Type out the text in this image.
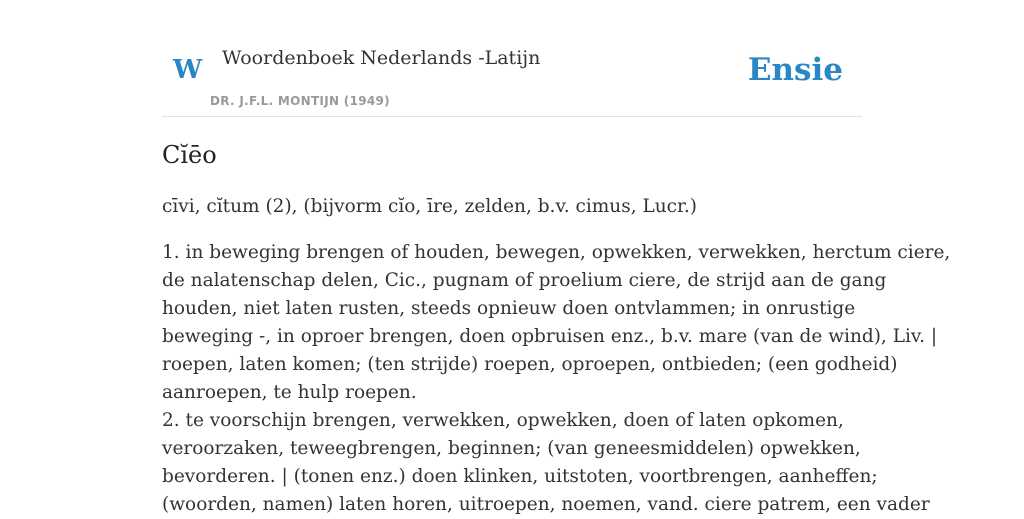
W Woordenboek Nederlands -Latijn
DR. J.F.L. MONTIJN (1949)
Ensie
Cĭēo
cīvi, cĭtum (2), (bijvorm cĭo, īre, zelden, b.v. cimus, Lucr.)
1. in beweging brengen of houden, bewegen, opwekken, verwekken, herctum ciere,
de nalatenschap delen, Cic., pugnam of proelium ciere, de strijd aan de gang
houden, niet laten rusten, steeds opnieuw doen ontvlammen; in onrustige
beweging -, in oproer brengen, doen opbruisen enz., b.v. mare (van de wind), Liv. |
roepen, laten komen; (ten strijde) roepen, oproepen, ontbieden; (een godheid)
aanroepen, te hulp roepen.
2. te voorschijn brengen, verwekken, opwekken, doen of laten opkomen,
veroorzaken, teweegbrengen, beginnen; (van geneesmiddelen) opwekken,
bevorderen. | (tonen enz.) doen klinken, uitstoten, voortbrengen, aanheffen;
(woorden, namen) laten horen, uitroepen, noemen, vand. ciere patrem, een vader
